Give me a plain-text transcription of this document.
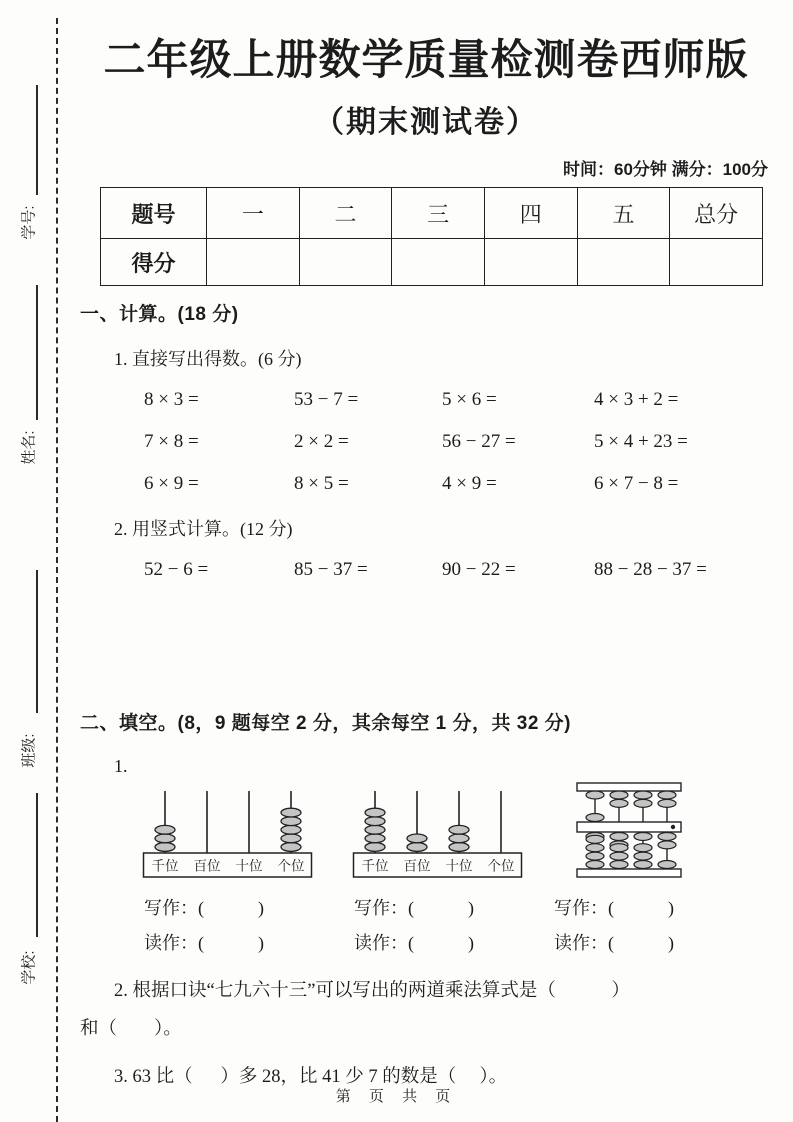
学号:
姓名:
班级:
学校:
二年级上册数学质量检测卷西师版
（期末测试卷）
时间：60分钟 满分：100分
题号	一	二	三	四	五	总分
得分						
一、计算。(18 分)
1. 直接写出得数。(6 分)
8 × 3 =	53 − 7 =	5 × 6 =	4 × 3 + 2 =
7 × 8 =	2 × 2 =	56 − 27 =	5 × 4 + 23 =
6 × 9 =	8 × 5 =	4 × 9 =	6 × 7 − 8 =
2. 用竖式计算。(12 分)
52 − 6 =	85 − 37 =	90 − 22 =	88 − 28 − 37 =
二、填空。(8，9 题每空 2 分，其余每空 1 分，共 32 分)
1.
千位 百位 十位 个位	千位 百位 十位 个位
写作：(            )	写作：(            )	写作：(            )
读作：(            )	读作：(            )	读作：(            )
2. 根据口诀“七九六十三”可以写出的两道乘法算式是（            ）
和（        ）。
3. 63 比（      ）多 28，比 41 少 7 的数是（     ）。
第 页 共 页
